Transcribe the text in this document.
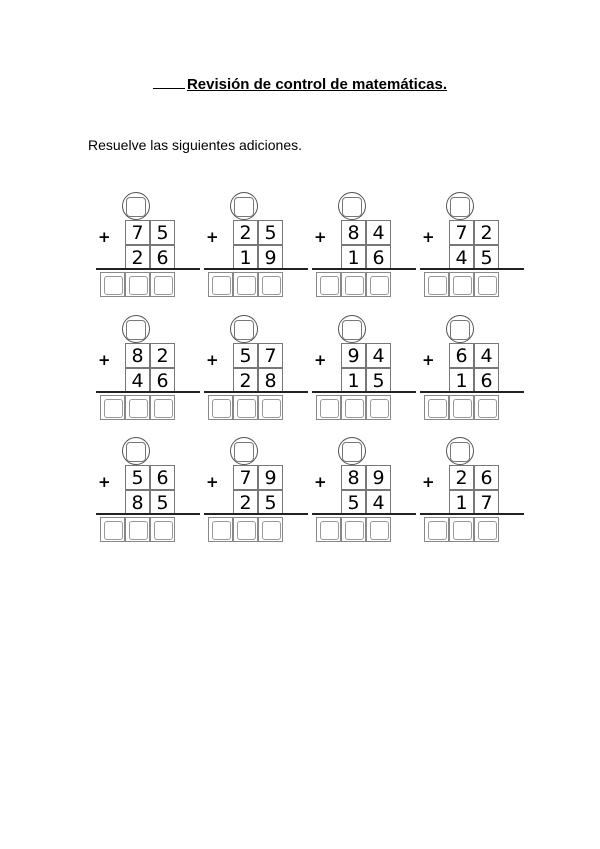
Revisión de control de matemáticas.
Resuelve las siguientes adiciones.
+	7 5
2 6
+	2 5
1 9
+	8 4
1 6
+	7 2
4 5
+	8 2
4 6
+	5 7
2 8
+	9 4
1 5
+	6 4
1 6
+	5 6
8 5
+	7 9
2 5
+	8 9
5 4
+	2 6
1 7
